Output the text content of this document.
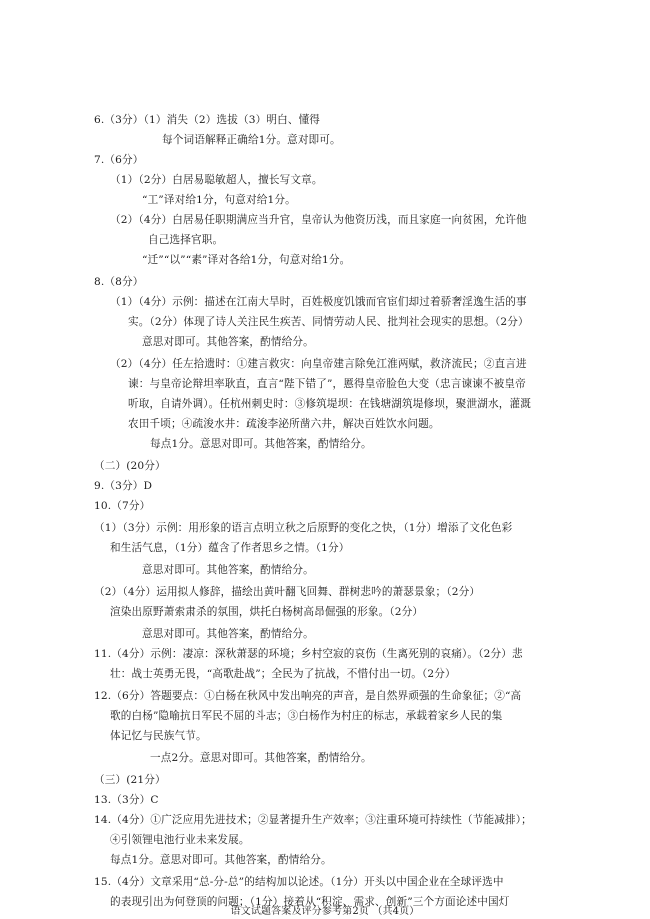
6.（3分）（1）消失（2）选拔（3）明白、懂得
每个词语解释正确给1分。意对即可。
7.（6分）
（1）（2分）白居易聪敏超人，擅长写文章。
“工”译对给1分，句意对给1分。
（2）（4分）白居易任职期满应当升官，皇帝认为他资历浅，而且家庭一向贫困，允许他
自己选择官职。
“迁”“以”“素”译对各给1分，句意对给1分。
8.（8分）
（1）（4分）示例：描述在江南大旱时，百姓极度饥饿而官宦们却过着骄奢淫逸生活的事
实。（2分）体现了诗人关注民生疾苦、同情劳动人民、批判社会现实的思想。（2分）
意思对即可。其他答案，酌情给分。
（2）（4分）任左拾遗时：①建言救灾：向皇帝建言除免江淮两赋，救济流民；②直言进
谏：与皇帝论辩坦率耿直，直言“陛下错了”，慝得皇帝脸色大变（忠言谏谏不被皇帝
听取，自请外调）。任杭州刺史时：③修筑堤坝：在钱塘湖筑堤修坝，聚泄湖水，灌溉
农田千顷；④疏浚水井：疏浚李泌所凿六井，解决百姓饮水问题。
每点1分。意思对即可。其他答案，酌情给分。
（二）(20分）
9.（3分）D
10.（7分）
（1）（3分）示例：用形象的语言点明立秋之后原野的变化之快，（1分）增添了文化色彩
和生活气息，（1分）蕴含了作者思乡之情。（1分）
意思对即可。其他答案，酌情给分。
（2）（4分）运用拟人修辞，描绘出黄叶翻飞回舞、群树悲吟的萧瑟景象；（2分）
渲染出原野萧索肃杀的氛围，烘托白杨树高昂倔强的形象。（2分）
意思对即可。其他答案，酌情给分。
11.（4分）示例：凄凉：深秋萧瑟的环境；乡村空寂的哀伤（生离死别的哀痛）。（2分）悲
壮：战士英勇无畏，“高歌赴战”；全民为了抗战，不惜付出一切。（2分）
12.（6分）答题要点：①白杨在秋风中发出响亮的声音，是自然界顽强的生命象征；②“高
歌的白杨”隐喻抗日军民不屈的斗志；③白杨作为村庄的标志，承载着家乡人民的集
体记忆与民族气节。
一点2分。意思对即可。其他答案，酌情给分。
（三）(21分）
13.（3分）C
14.（4分）①广泛应用先进技术；②显著提升生产效率；③注重环境可持续性（节能减排）；
④引领锂电池行业未来发展。
每点1分。意思对即可。其他答案，酌情给分。
15.（4分）文章采用“总-分-总”的结构加以论述。（1分）开头以中国企业在全球评选中
的表现引出为何登顶的问题；（1分）接着从“积淀、需求、创新”三个方面论述中国灯
语文试题答案及评分参考第2页 （共4页）
